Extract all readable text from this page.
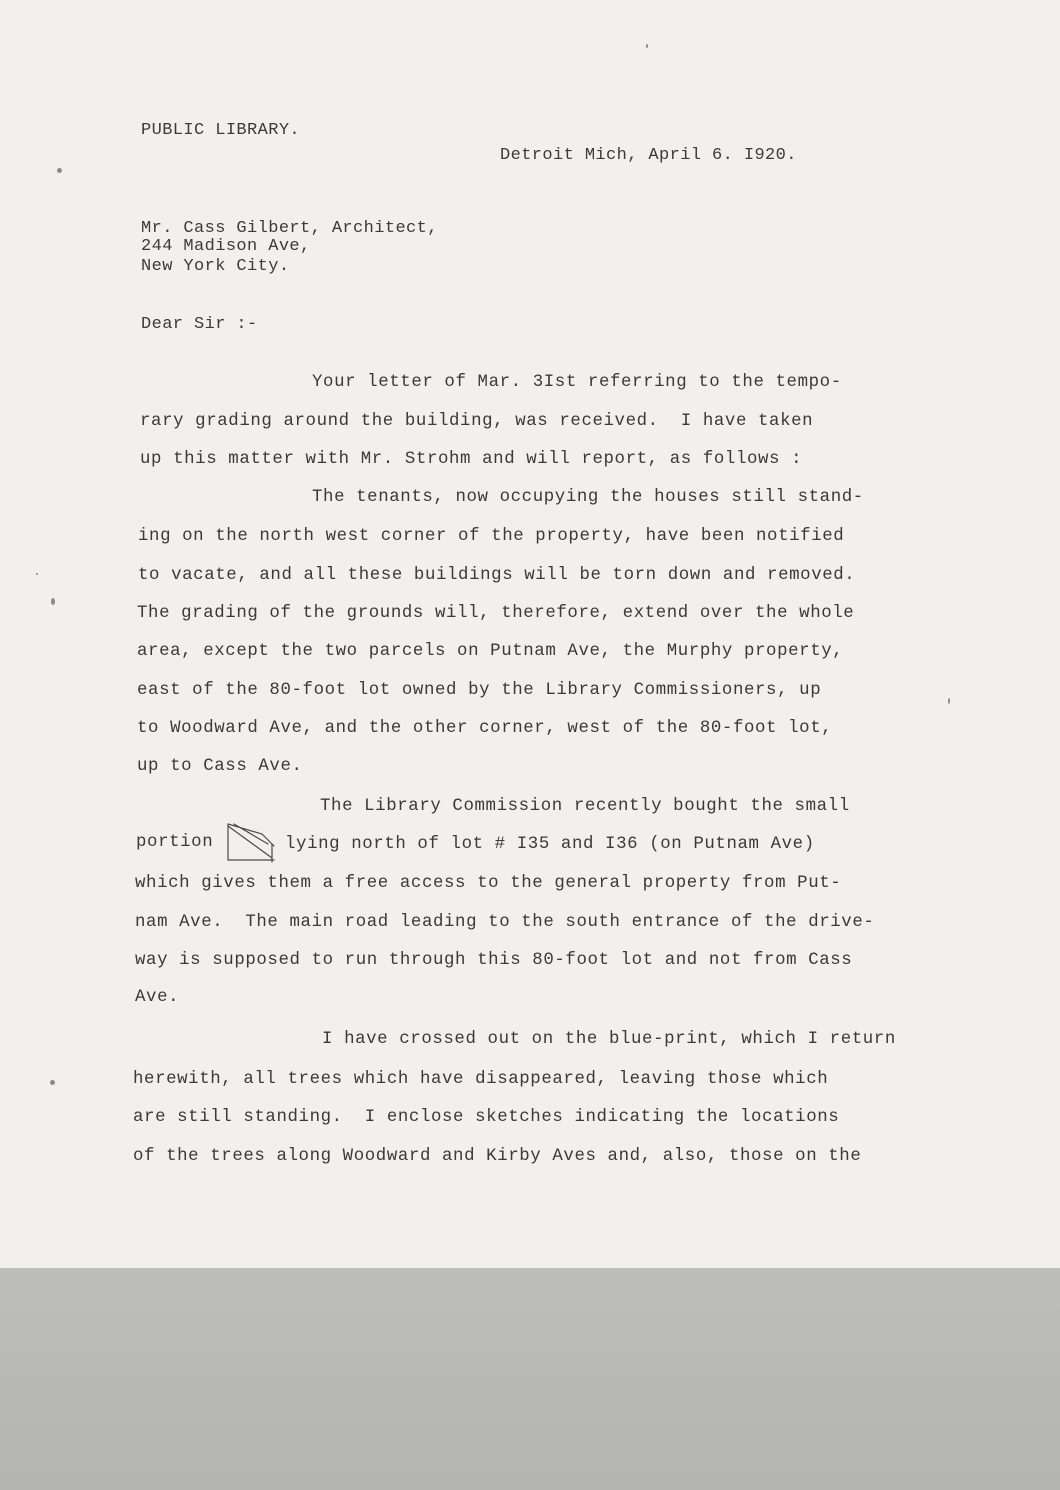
PUBLIC LIBRARY.
Detroit Mich, April 6. I920.
Mr. Cass Gilbert, Architect,
244 Madison Ave,
New York City.
Dear Sir :-
Your letter of Mar. 3Ist referring to the tempo-
rary grading around the building, was received.  I have taken
up this matter with Mr. Strohm and will report, as follows :
The tenants, now occupying the houses still stand-
ing on the north west corner of the property, have been notified
to vacate, and all these buildings will be torn down and removed.
The grading of the grounds will, therefore, extend over the whole
area, except the two parcels on Putnam Ave, the Murphy property,
east of the 80-foot lot owned by the Library Commissioners, up
to Woodward Ave, and the other corner, west of the 80-foot lot,
up to Cass Ave.
The Library Commission recently bought the small
portion	lying north of lot # I35 and I36 (on Putnam Ave)
which gives them a free access to the general property from Put-
nam Ave.  The main road leading to the south entrance of the drive-
way is supposed to run through this 80-foot lot and not from Cass
Ave.
I have crossed out on the blue-print, which I return
herewith, all trees which have disappeared, leaving those which
are still standing.  I enclose sketches indicating the locations
of the trees along Woodward and Kirby Aves and, also, those on the
